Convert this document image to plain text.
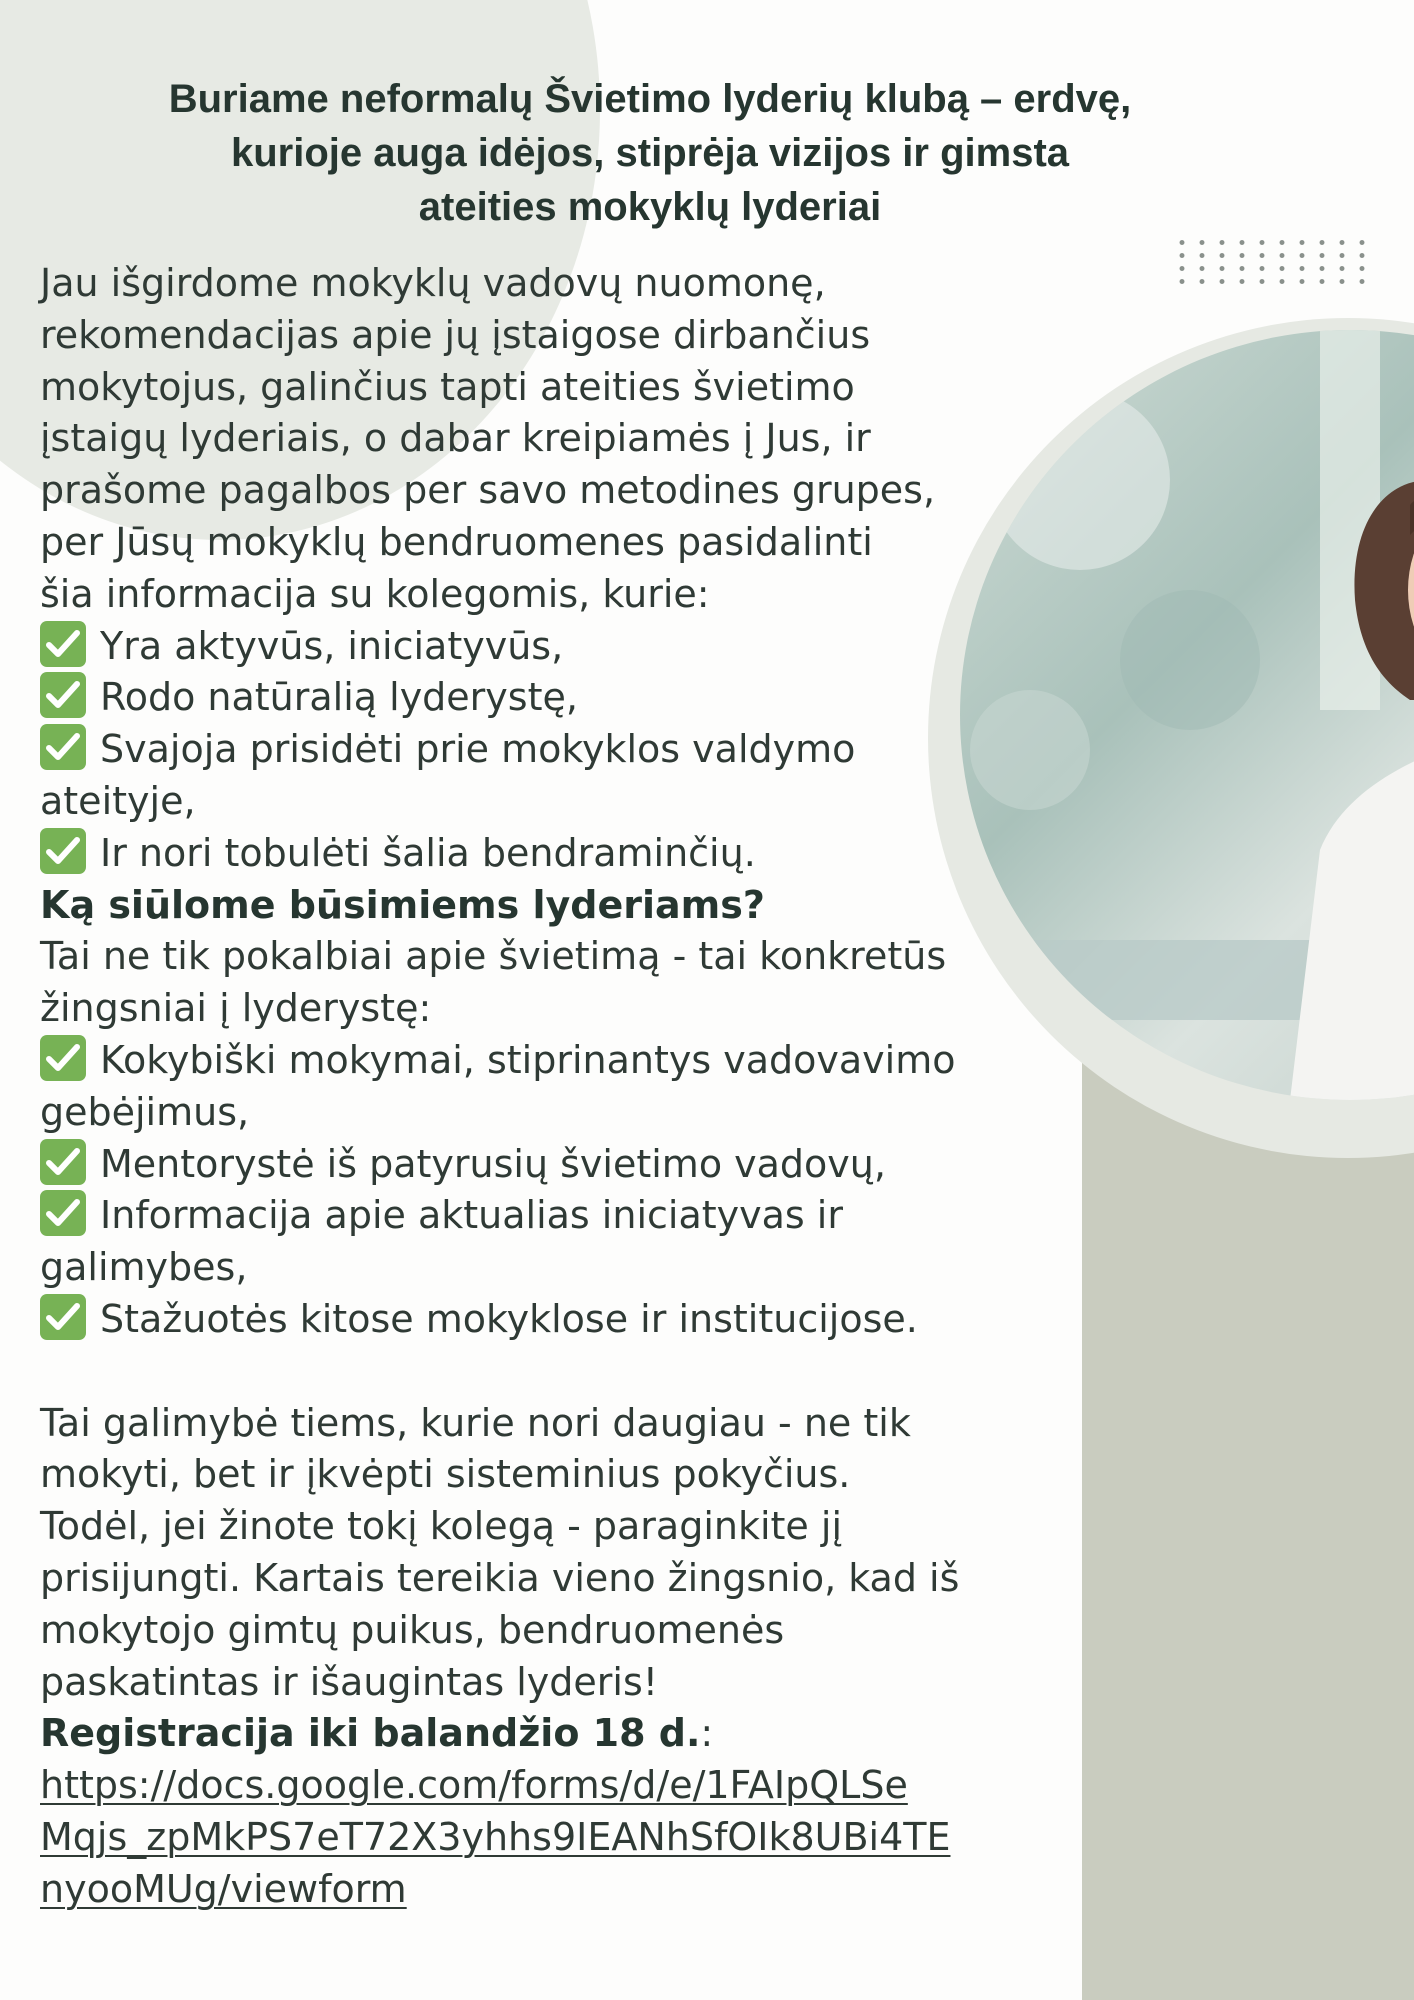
Buriame neformalų Švietimo lyderių klubą – erdvę,
kurioje auga idėjos, stiprėja vizijos ir gimsta
ateities mokyklų lyderiai
Jau išgirdome mokyklų vadovų nuomonę,
rekomendacijas apie jų įstaigose dirbančius
mokytojus, galinčius tapti ateities švietimo
įstaigų lyderiais, o dabar kreipiamės į Jus, ir
prašome pagalbos per savo metodines grupes,
per Jūsų mokyklų bendruomenes pasidalinti
šia informacija su kolegomis, kurie:
Yra aktyvūs, iniciatyvūs,
Rodo natūralią lyderystę,
Svajoja prisidėti prie mokyklos valdymo
ateityje,
Ir nori tobulėti šalia bendraminčių.
Ką siūlome būsimiems lyderiams?
Tai ne tik pokalbiai apie švietimą - tai konkretūs
žingsniai į lyderystę:
Kokybiški mokymai, stiprinantys vadovavimo
gebėjimus,
Mentorystė iš patyrusių švietimo vadovų,
Informacija apie aktualias iniciatyvas ir
galimybes,
Stažuotės kitose mokyklose ir institucijose.
Tai galimybė tiems, kurie nori daugiau - ne tik
mokyti, bet ir įkvėpti sisteminius pokyčius.
Todėl, jei žinote tokį kolegą - paraginkite jį
prisijungti. Kartais tereikia vieno žingsnio, kad iš
mokytojo gimtų puikus, bendruomenės
paskatintas ir išaugintas lyderis!
Registracija iki balandžio 18 d.:
https://docs.google.com/forms/d/e/1FAIpQLSe
Mqjs_zpMkPS7eT72X3yhhs9IEANhSfOIk8UBi4TE
nyooMUg/viewform
